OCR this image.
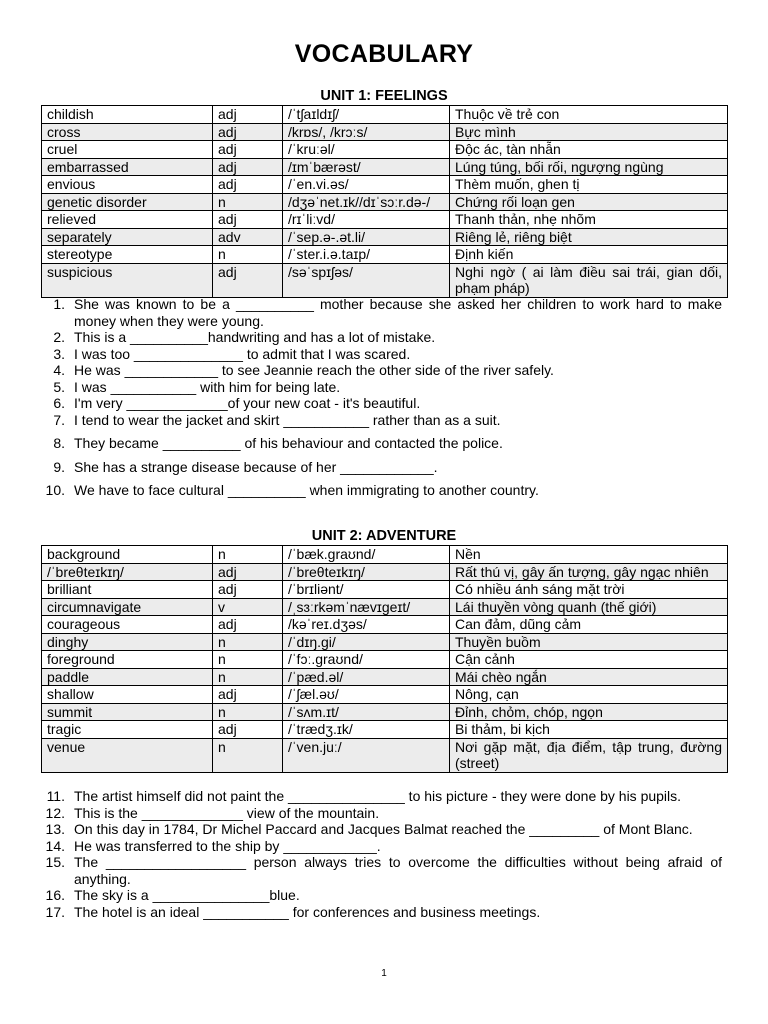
VOCABULARY
UNIT 1: FEELINGS
childish	adj	/ˈtʃaɪldɪʃ/	Thuộc về trẻ con
cross	adj	/krɒs/, /krɔːs/	Bực mình
cruel	adj	/ˈkruːəl/	Độc ác, tàn nhẫn
embarrassed	adj	/ɪmˈbærəst/	Lúng túng, bối rối, ngượng ngùng
envious	adj	/ˈen.vi.əs/	Thèm muốn, ghen tị
genetic disorder	n	/dʒəˈnet.ɪk//dɪˈsɔːr.də-/	Chứng rối loạn gen
relieved	adj	/rɪˈliːvd/	Thanh thản, nhẹ nhõm
separately	adv	/ˈsep.ə-.ət.li/	Riêng lẻ, riêng biệt
stereotype	n	/ˈster.i.ə.taɪp/	Định kiến
suspicious	adj	/səˈspɪʃəs/	Nghi ngờ ( ai làm điều sai trái, gian dối, phạm pháp)
1. She was known to be a __________ mother because she asked her children to work hard to make money when they were young.
2. This is a __________handwriting and has a lot of mistake.
3. I was too ______________ to admit that I was scared.
4. He was ____________ to see Jeannie reach the other side of the river safely.
5. I was ___________ with him for being late.
6. I'm very _____________of your new coat - it's beautiful.
7. I tend to wear the jacket and skirt ___________ rather than as a suit.
8. They became __________ of his behaviour and contacted the police.
9. She has a strange disease because of her ____________.
10. We have to face cultural __________ when immigrating to another country.
UNIT 2: ADVENTURE
background	n	/ˈbæk.graʊnd/	Nền
/ˈbreθteɪkɪŋ/	adj	/ˈbreθteɪkɪŋ/	Rất thú vị, gây ấn tượng, gây ngạc nhiên
brilliant	adj	/ˈbrɪliənt/	Có nhiều ánh sáng mặt trời
circumnavigate	v	/ˌsɜːrkəmˈnævɪgeɪt/	Lái thuyền vòng quanh (thế giới)
courageous	adj	/kəˈreɪ.dʒəs/	Can đảm, dũng cảm
dinghy	n	/ˈdɪŋ.gi/	Thuyền buồm
foreground	n	/ˈfɔː.graʊnd/	Cận cảnh
paddle	n	/ˈpæd.əl/	Mái chèo ngắn
shallow	adj	/ˈʃæl.əʊ/	Nông, cạn
summit	n	/ˈsʌm.ɪt/	Đỉnh, chỏm, chóp, ngọn
tragic	adj	/ˈtrædʒ.ɪk/	Bi thảm, bi kịch
venue	n	/ˈven.juː/	Nơi gặp mặt, địa điểm, tập trung, đường (street)
11. The artist himself did not paint the _______________ to his picture - they were done by his pupils.
12. This is the _____________ view of the mountain.
13. On this day in 1784, Dr Michel Paccard and Jacques Balmat reached the _________ of Mont Blanc.
14. He was transferred to the ship by ____________.
15. The __________________ person always tries to overcome the difficulties without being afraid of anything.
16. The sky is a _______________blue.
17. The hotel is an ideal ___________ for conferences and business meetings.
1
